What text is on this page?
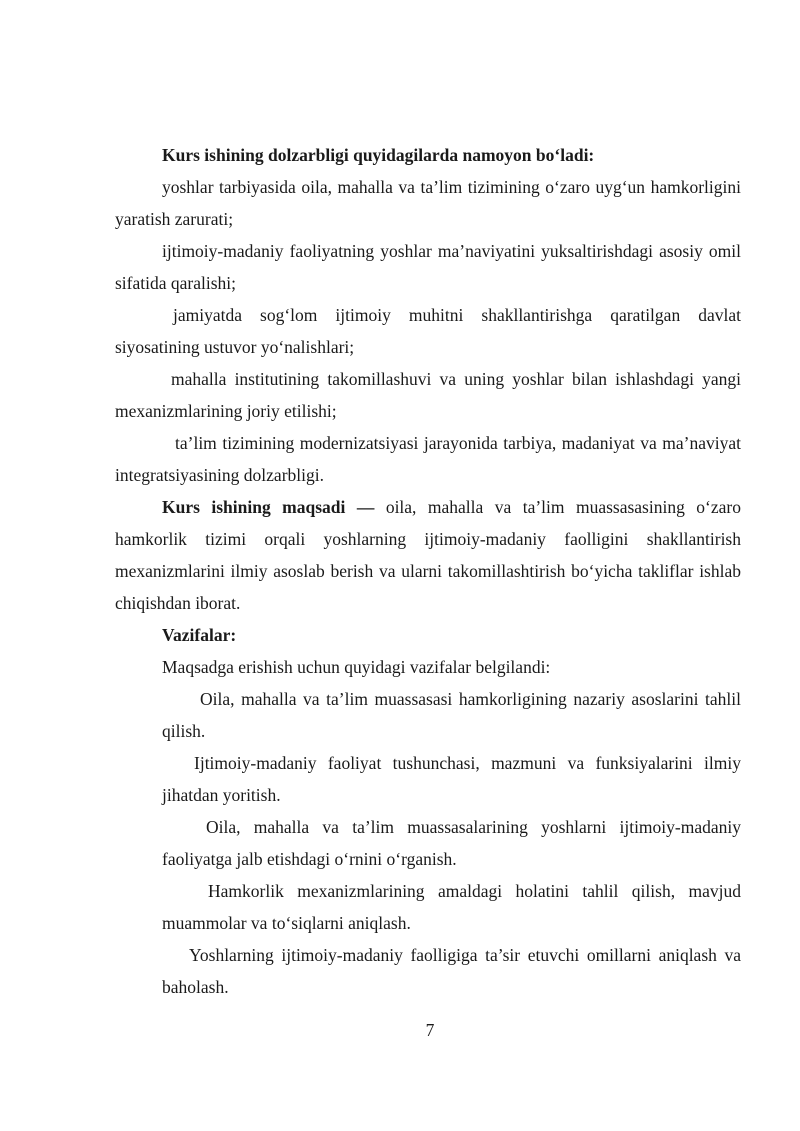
Kurs ishining dolzarbligi quyidagilarda namoyon bo‘ladi:

yoshlar tarbiyasida oila, mahalla va ta’lim tizimining o‘zaro uyg‘un hamkorligini yaratish zarurati;

ijtimoiy-madaniy faoliyatning yoshlar ma’naviyatini yuksaltirishdagi asosiy omil sifatida qaralishi;

jamiyatda sog‘lom ijtimoiy muhitni shakllantirishga qaratilgan davlat siyosatining ustuvor yo‘nalishlari;

mahalla institutining takomillashuvi va uning yoshlar bilan ishlashdagi yangi mexanizmlarining joriy etilishi;

ta’lim tizimining modernizatsiyasi jarayonida tarbiya, madaniyat va ma’naviyat integratsiyasining dolzarbligi.

Kurs ishining maqsadi — oila, mahalla va ta’lim muassasasining o‘zaro hamkorlik tizimi orqali yoshlarning ijtimoiy-madaniy faolligini shakllantirish mexanizmlarini ilmiy asoslab berish va ularni takomillashtirish bo‘yicha takliflar ishlab chiqishdan iborat.

Vazifalar:

Maqsadga erishish uchun quyidagi vazifalar belgilandi:

Oila, mahalla va ta’lim muassasasi hamkorligining nazariy asoslarini tahlil qilish.

Ijtimoiy-madaniy faoliyat tushunchasi, mazmuni va funksiyalarini ilmiy jihatdan yoritish.

Oila, mahalla va ta’lim muassasalarining yoshlarni ijtimoiy-madaniy faoliyatga jalb etishdagi o‘rnini o‘rganish.

Hamkorlik mexanizmlarining amaldagi holatini tahlil qilish, mavjud muammolar va to‘siqlarni aniqlash.

Yoshlarning ijtimoiy-madaniy faolligiga ta’sir etuvchi omillarni aniqlash va baholash.

7
